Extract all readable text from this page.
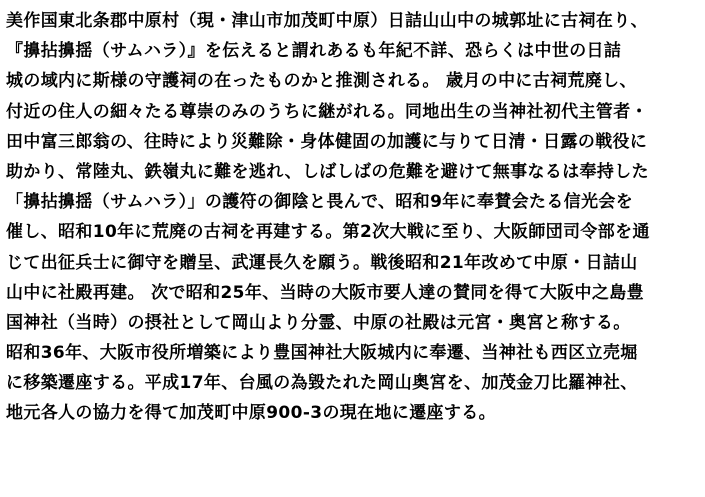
美作国東北条郡中原村（現・津山市加茂町中原）日詰山山中の城郭址に古祠在り、
『擤拈擤揺（サムハラ）』を伝えると謂れあるも年紀不詳、恐らくは中世の日詰
城の域内に斯様の守護祠の在ったものかと推測される。 歳月の中に古祠荒廃し、
付近の住人の細々たる尊崇のみのうちに継がれる。同地出生の当神社初代主管者・
田中富三郎翁の、往時により災難除・身体健固の加護に与りて日清・日露の戦役に
助かり、常陸丸、鉄嶺丸に難を逃れ、しばしばの危難を避けて無事なるは奉持した
「擤拈擤揺（サムハラ）」の護符の御陰と畏んで、昭和9年に奉賛会たる信光会を
催し、昭和10年に荒廃の古祠を再建する。第2次大戦に至り、大阪師団司令部を通
じて出征兵士に御守を贈呈、武運長久を願う。戦後昭和21年改めて中原・日詰山
山中に社殿再建。 次で昭和25年、当時の大阪市要人達の賛同を得て大阪中之島豊
国神社（当時）の摂社として岡山より分霊、中原の社殿は元宮・奥宮と称する。
昭和36年、大阪市役所増築により豊国神社大阪城内に奉遷、当神社も西区立売堀
に移築遷座する。平成17年、台風の為毀たれた岡山奥宮を、加茂金刀比羅神社、
地元各人の協力を得て加茂町中原900-3の現在地に遷座する。
